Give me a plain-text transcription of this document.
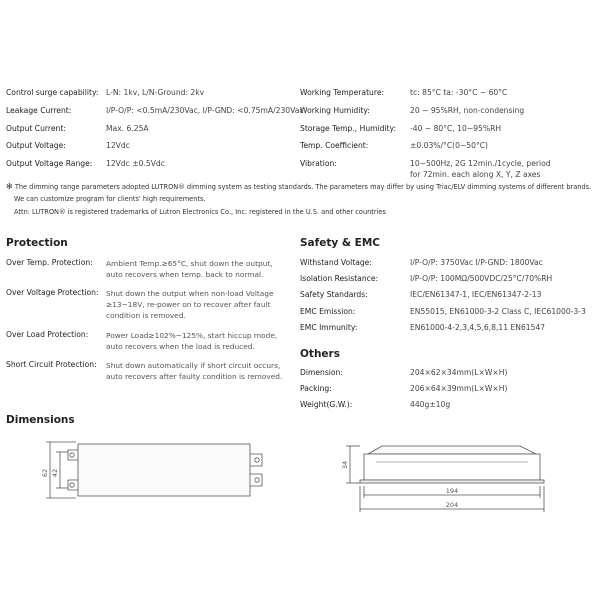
Control surge capability: L-N: 1kv, L/N-Ground: 2kv
Leakage Current:	I/P-O/P: <0.5mA/230Vac, I/P-GND: <0.75mA/230Vac
Output Current:	Max. 6.25A
Output Voltage:	12Vdc
Output Voltage Range: 12Vdc ±0.5Vdc
Working Temperature:	tc: 85°C ta: -30°C ~ 60°C
Working Humidity:	20 ~ 95%RH, non-condensing
Storage Temp., Humidity: -40 ~ 80°C, 10~95%RH
Temp. Coefficient:	±0.03%/°C(0~50°C)
Vibration:	10~500Hz, 2G 12min./1cycle, period
for 72min. each along X, Y, Z axes
✻ The dimming range parameters adopted LUTRON® dimming system as testing standards. The parameters may differ by using Triac/ELV dimming systems of different brands.
We can customize program for clients' high requirements.
Attn: LUTRON® is registered trademarks of Lutron Electronics Co., Inc. registered in the U.S. and other countries
Protection
Over Temp. Protection: Ambient Temp.≥65°C, shut down the output,
auto recovers when temp. back to normal.
Over Voltage Protection: Shut down the output when non-load Voltage
≥13~18V, re-power on to recover after fault
condition is removed.
Over Load Protection: Power Load≥102%~125%, start hiccup mode,
auto recovers when the load is reduced.
Short Circuit Protection: Shut down automatically if short circuit occurs,
auto recovers after faulty condition is removed.
Safety & EMC
Withstand Voltage:	I/P-O/P: 3750Vac I/P-GND: 1800Vac
Isolation Resistance:	I/P-O/P: 100MΩ/500VDC/25°C/70%RH
Safety Standards:	IEC/EN61347-1, IEC/EN61347-2-13
EMC Emission:	EN55015, EN61000-3-2 Class C, IEC61000-3-3
EMC Immunity:	EN61000-4-2,3,4,5,6,8,11 EN61547
Others
Dimension:	204×62×34mm(L×W×H)
Packing:	206×64×39mm(L×W×H)
Weight(G.W.):	440g±10g
Dimensions
62 42
34
194
204
